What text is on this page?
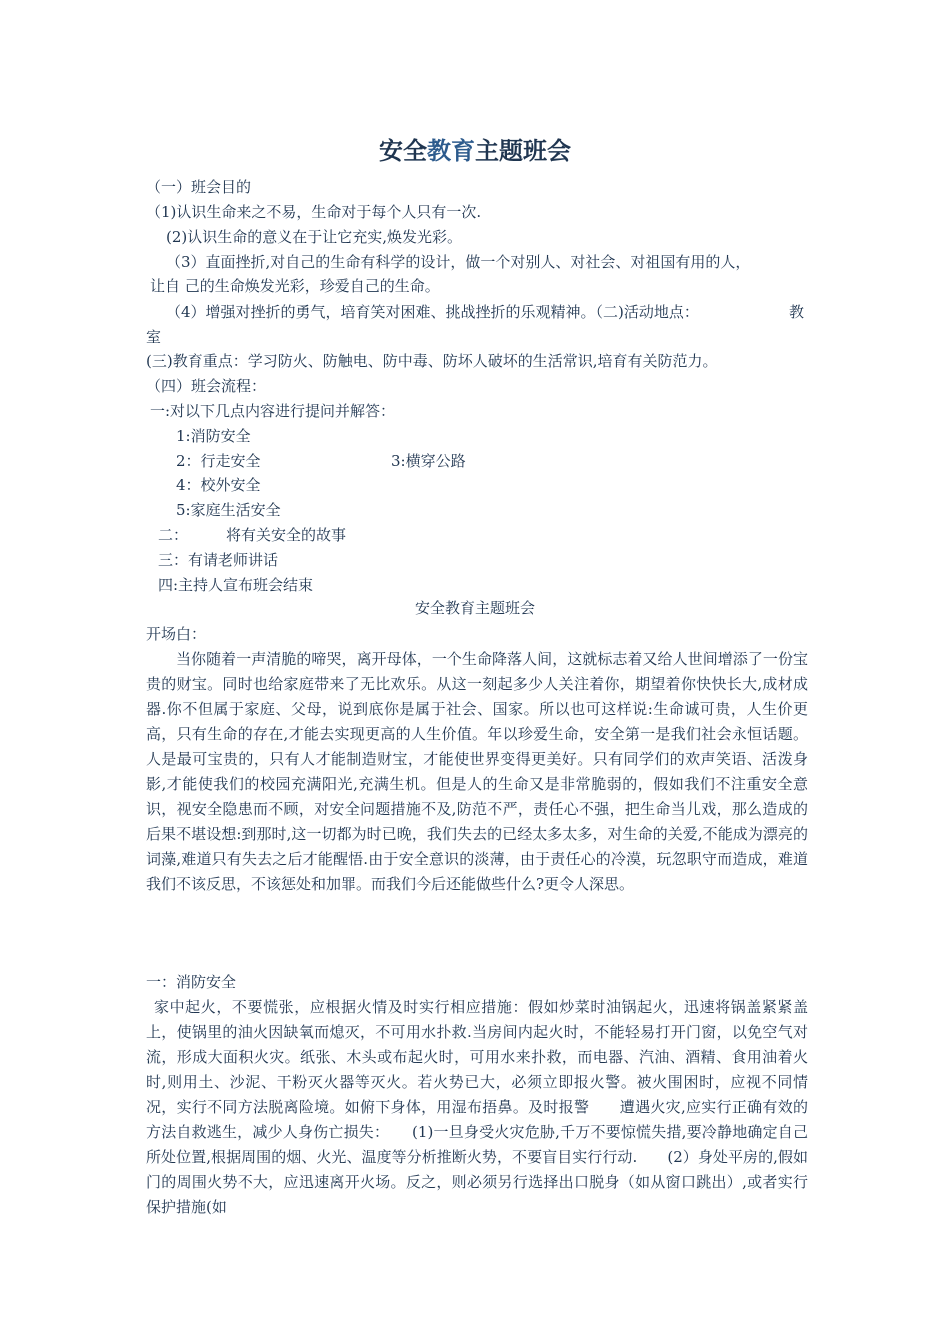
安全教育主题班会
（一）班会目的
（1)认识生命来之不易，生命对于每个人只有一次.
(2)认识生命的意义在于让它充实,焕发光彩。
（3）直面挫折,对自己的生命有科学的设计，做一个对别人、对社会、对祖国有用的人，
让自 己的生命焕发光彩，珍爱自己的生命。
（4）增强对挫折的勇气，培育笑对困难、挑战挫折的乐观精神。（二)活动地点：	教
室
(三)教育重点：学习防火、防触电、防中毒、防坏人破坏的生活常识,培育有关防范力。
（四）班会流程：
一:对以下几点内容进行提问并解答：
1:消防安全
2：行走安全	3:横穿公路
4：校外安全
5:家庭生活安全
二：	将有关安全的故事
三：有请老师讲话
四:主持人宣布班会结束
安全教育主题班会
开场白：
当你随着一声清脆的啼哭，离开母体，一个生命降落人间，这就标志着又给人世间增添了一份宝贵的财宝。同时也给家庭带来了无比欢乐。从这一刻起多少人关注着你，期望着你快快长大,成材成器.你不但属于家庭、父母，说到底你是属于社会、国家。所以也可这样说:生命诚可贵，人生价更高，只有生命的存在,才能去实现更高的人生价值。年以珍爱生命，安全第一是我们社会永恒话题。 人是最可宝贵的，只有人才能制造财宝，才能使世界变得更美好。只有同学们的欢声笑语、活泼身影,才能使我们的校园充满阳光,充满生机。但是人的生命又是非常脆弱的，假如我们不注重安全意识，视安全隐患而不顾，对安全问题措施不及,防范不严，责任心不强，把生命当儿戏，那么造成的后果不堪设想:到那时,这一切都为时已晚，我们失去的已经太多太多，对生命的关爱,不能成为漂亮的词藻,难道只有失去之后才能醒悟.由于安全意识的淡薄，由于责任心的冷漠，玩忽职守而造成，难道我们不该反思，不该惩处和加罪。而我们今后还能做些什么?更令人深思。
一：消防安全
家中起火，不要慌张，应根据火情及时实行相应措施：假如炒菜时油锅起火，迅速将锅盖紧紧盖上，使锅里的油火因缺氧而熄灭，不可用水扑救.当房间内起火时，不能轻易打开门窗，以免空气对流，形成大面积火灾。纸张、木头或布起火时，可用水来扑救，而电器、汽油、酒精、食用油着火时,则用土、沙泥、干粉灭火器等灭火。若火势已大，必须立即报火警。被火围困时，应视不同情况，实行不同方法脱离险境。如俯下身体，用湿布捂鼻。及时报警　　遭遇火灾,应实行正确有效的方法自救逃生，减少人身伤亡损失：　　(1)一旦身受火灾危胁,千万不要惊慌失措,要冷静地确定自己所处位置,根据周围的烟、火光、温度等分析推断火势，不要盲目实行行动.　　(2）身处平房的,假如门的周围火势不大，应迅速离开火场。反之，则必须另行选择出口脱身（如从窗口跳出）,或者实行保护措施(如
